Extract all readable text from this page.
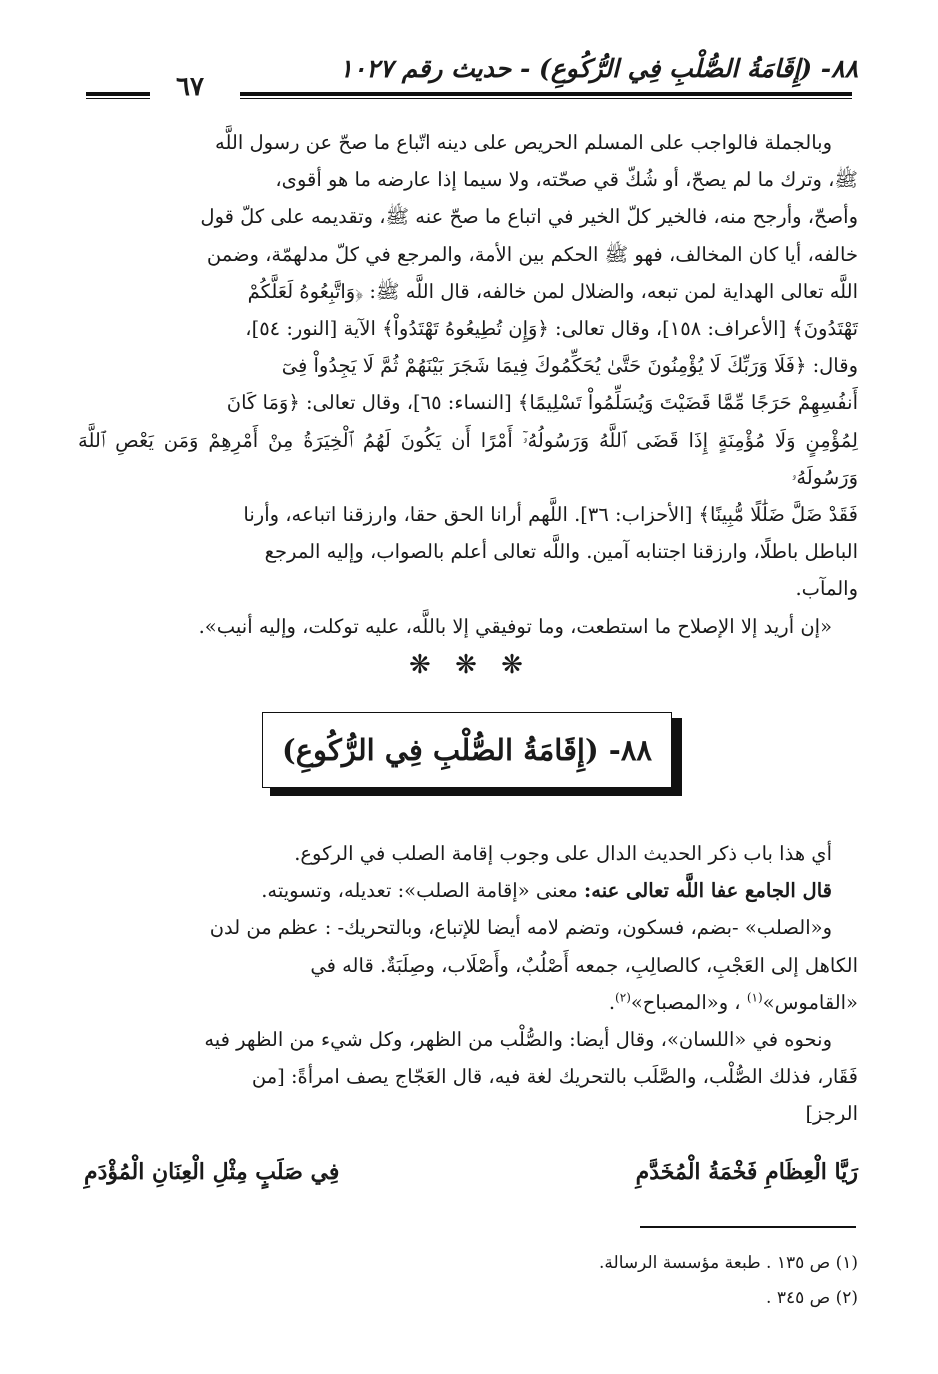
٨٨- (إِقَامَةُ الصُّلْبِ فِي الرُّكُوعِ) - حديث رقم ١٠٢٧
٦٧

وبالجملة فالواجب على المسلم الحريص على دينه اتّباع ما صحّ عن رسول اللَّه

ﷺ، وترك ما لم يصحّ، أو شُكّ قي صحّته، ولا سيما إذا عارضه ما هو أقوى،

وأصحّ، وأرجح منه، فالخير كلّ الخير في اتباع ما صحّ عنه ﷺ، وتقديمه على كلّ قول

خالفه، أيا كان المخالف، فهو ﷺ الحكم بين الأمة، والمرجع في كلّ مدلهمّة، وضمن

اللَّه تعالى الهداية لمن تبعه، والضلال لمن خالفه، قال اللَّه ﷺ: ﴿وَاتَّبِعُوهُ لَعَلَّكُمْ

تَهْتَدُونَ﴾ [الأعراف: ١٥٨]، وقال تعالى: ﴿وَإِن تُطِيعُوهُ تَهْتَدُواْ﴾ الآية [النور: ٥٤]،

وقال: ﴿فَلَا وَرَبِّكَ لَا يُؤْمِنُونَ حَتَّىٰ يُحَكِّمُوكَ فِيمَا شَجَرَ بَيْنَهُمْ ثُمَّ لَا يَجِدُواْ فِىٓ

أَنفُسِهِمْ حَرَجًا مِّمَّا قَضَيْتَ وَيُسَلِّمُواْ تَسْلِيمًا﴾ [النساء: ٦٥]، وقال تعالى: ﴿وَمَا كَانَ

لِمُؤْمِنٍ وَلَا مُؤْمِنَةٍ إِذَا قَضَى ٱللَّهُ وَرَسُولُهُۥٓ أَمْرًا أَن يَكُونَ لَهُمُ ٱلْخِيَرَةُ مِنْ أَمْرِهِمْ وَمَن يَعْصِ ٱللَّهَ وَرَسُولَهُۥ

فَقَدْ ضَلَّ ضَلَٰلًا مُّبِينًا﴾ [الأحزاب: ٣٦]. اللَّهم أرانا الحق حقا، وارزقنا اتباعه، وأرنا

الباطل باطلًا، وارزقنا اجتنابه آمين. واللَّه تعالى أعلم بالصواب، وإليه المرجع

والمآب.

«إن أريد إلا الإصلاح ما استطعت، وما توفيقي إلا باللَّه، عليه توكلت، وإليه أنيب».

❋ ❋ ❋
٨٨- (إِقَامَةُ الصُّلْبِ فِي الرُّكُوعِ)

أي هذا باب ذكر الحديث الدال على وجوب إقامة الصلب في الركوع.

قال الجامع عفا اللَّه تعالى عنه: معنى «إقامة الصلب»: تعديله، وتسويته.

و«الصلب» -بضم، فسكون، وتضم لامه أيضا للإتباع، وبالتحريك- : عظم من لدن

الكاهل إلى العَجْبِ، كالصالِبِ، جمعه أَصْلُبٌ، وأَصْلَاب، وصِلَبَةٌ. قاله في

«القاموس»$^{(١)}$ ، و«المصباح»$^{(٢)}$.

ونحوه في «اللسان»، وقال أيضا: والصُّلْب من الظهر، وكل شيء من الظهر فيه

فَقَار، فذلك الصُّلْب، والصَّلَب بالتحريك لغة فيه، قال العَجّاج يصف امرأةً: [من

الرجز]

رَيَّا الْعِظَامِ فَخْمَةُ الْمُخَدَّمِ
فِي صَلَبٍ مِثْلِ الْعِنَانِ الْمُؤْدَمِ

(١) ص ١٣٥ . طبعة مؤسسة الرسالة.

(٢) ص ٣٤٥ .
